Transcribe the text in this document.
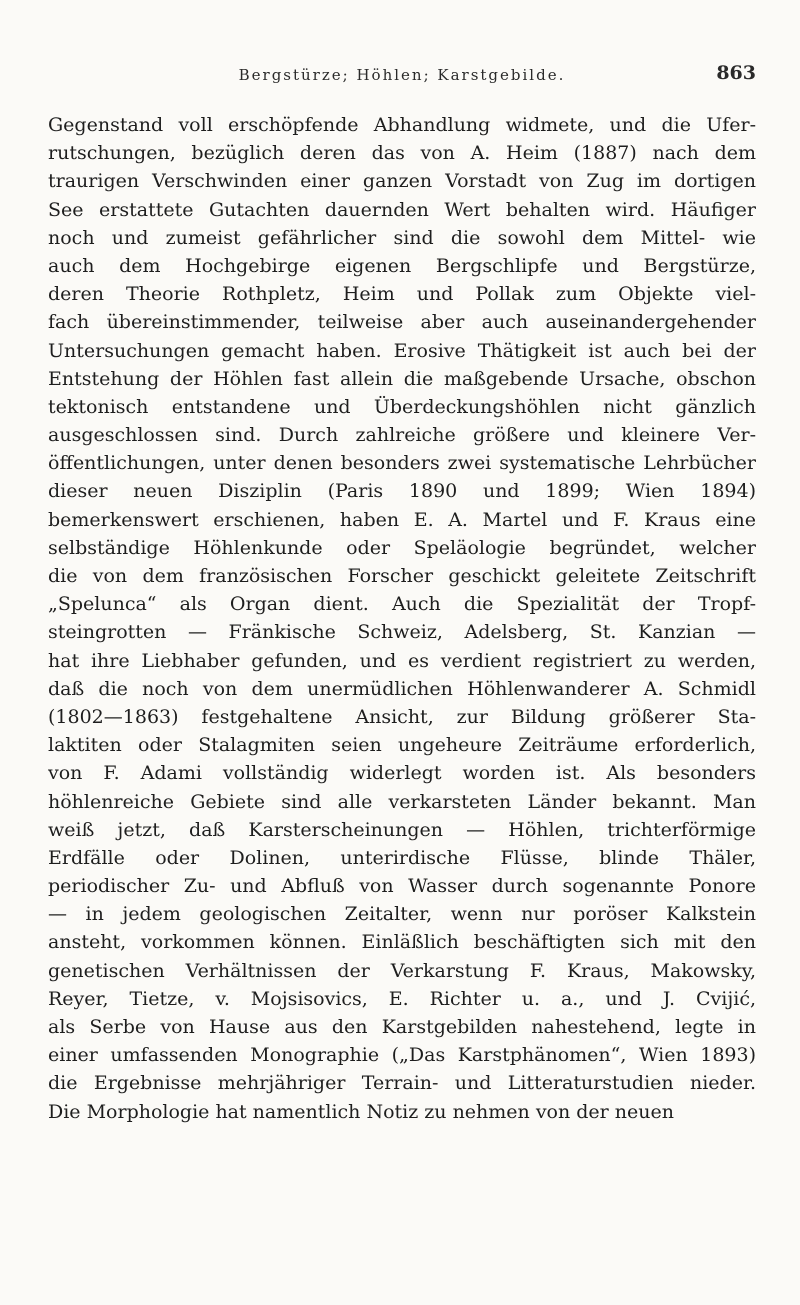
Bergstürze; Höhlen; Karstgebilde.	863
Gegenstand voll erschöpfende Abhandlung widmete, und die Ufer-
rutschungen, bezüglich deren das von A. Heim (1887) nach dem
traurigen Verschwinden einer ganzen Vorstadt von Zug im dortigen
See erstattete Gutachten dauernden Wert behalten wird. Häufiger
noch und zumeist gefährlicher sind die sowohl dem Mittel- wie
auch dem Hochgebirge eigenen Bergschlipfe und Bergstürze,
deren Theorie Rothpletz, Heim und Pollak zum Objekte viel-
fach übereinstimmender, teilweise aber auch auseinandergehender
Untersuchungen gemacht haben. Erosive Thätigkeit ist auch bei der
Entstehung der Höhlen fast allein die maßgebende Ursache, obschon
tektonisch entstandene und Überdeckungshöhlen nicht gänzlich
ausgeschlossen sind. Durch zahlreiche größere und kleinere Ver-
öffentlichungen, unter denen besonders zwei systematische Lehrbücher
dieser neuen Disziplin (Paris 1890 und 1899; Wien 1894)
bemerkenswert erschienen, haben E. A. Martel und F. Kraus eine
selbständige Höhlenkunde oder Speläologie begründet, welcher
die von dem französischen Forscher geschickt geleitete Zeitschrift
„Spelunca“ als Organ dient. Auch die Spezialität der Tropf-
steingrotten — Fränkische Schweiz, Adelsberg, St. Kanzian —
hat ihre Liebhaber gefunden, und es verdient registriert zu werden,
daß die noch von dem unermüdlichen Höhlenwanderer A. Schmidl
(1802—1863) festgehaltene Ansicht, zur Bildung größerer Sta-
laktiten oder Stalagmiten seien ungeheure Zeiträume erforderlich,
von F. Adami vollständig widerlegt worden ist. Als besonders
höhlenreiche Gebiete sind alle verkarsteten Länder bekannt. Man
weiß jetzt, daß Karsterscheinungen — Höhlen, trichterförmige
Erdfälle oder Dolinen, unterirdische Flüsse, blinde Thäler,
periodischer Zu- und Abfluß von Wasser durch sogenannte Ponore
— in jedem geologischen Zeitalter, wenn nur poröser Kalkstein
ansteht, vorkommen können. Einläßlich beschäftigten sich mit den
genetischen Verhältnissen der Verkarstung F. Kraus, Makowsky,
Reyer, Tietze, v. Mojsisovics, E. Richter u. a., und J. Cvijić,
als Serbe von Hause aus den Karstgebilden nahestehend, legte in
einer umfassenden Monographie („Das Karstphänomen“, Wien 1893)
die Ergebnisse mehrjähriger Terrain- und Litteraturstudien nieder.
Die Morphologie hat namentlich Notiz zu nehmen von der neuen
